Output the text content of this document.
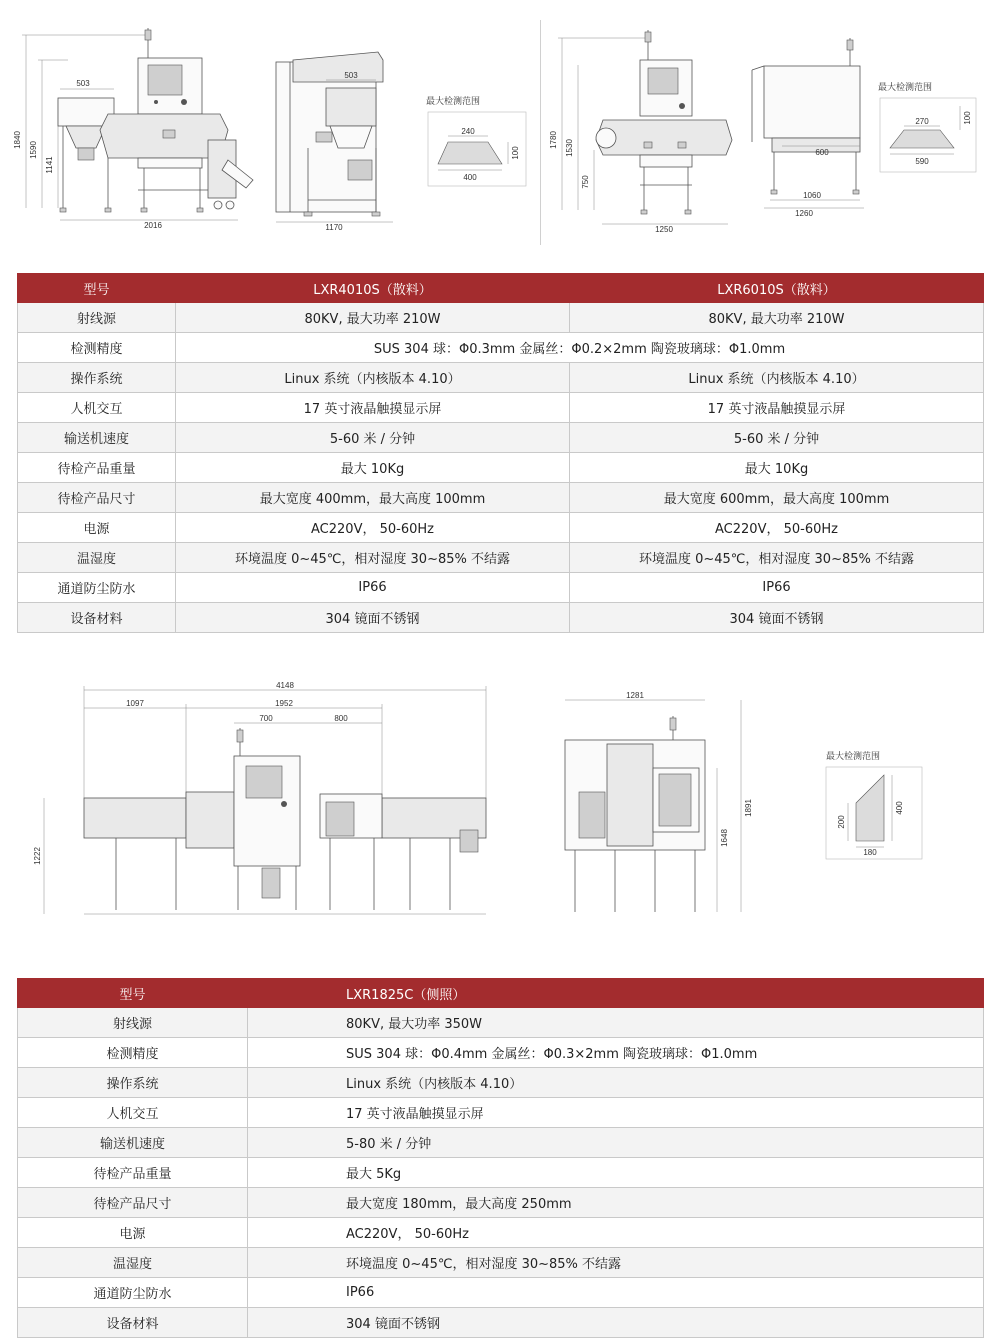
1840
1590
1141
503
2016
503
1170
最大检测范围
240
100
400
1780 1530
750
1250
600
1060
1260
最大检测范围
270	100
590
型号	LXR4010S（散料）	LXR6010S（散料）
射线源	80KV, 最大功率 210W	80KV, 最大功率 210W
检测精度	SUS 304 球：Φ0.3mm 金属丝：Φ0.2×2mm 陶瓷玻璃球：Φ1.0mm	
操作系统	Linux 系统（内核版本 4.10）	Linux 系统（内核版本 4.10）
人机交互	17 英寸液晶触摸显示屏	17 英寸液晶触摸显示屏
输送机速度	5-60 米 / 分钟	5-60 米 / 分钟
待检产品重量	最大 10Kg	最大 10Kg
待检产品尺寸	最大宽度 400mm，最大高度 100mm	最大宽度 600mm，最大高度 100mm
电源	AC220V， 50-60Hz	AC220V， 50-60Hz
温湿度	环境温度 0~45℃，相对湿度 30~85% 不结露	环境温度 0~45℃，相对湿度 30~85% 不结露
通道防尘防水	IP66	IP66
设备材料	304 镜面不锈钢	304 镜面不锈钢
4148
1097	1952
700	800
1222
1281
1648
1891
最大检测范围
200
400
180
型号	LXR1825C（侧照）
射线源	80KV, 最大功率 350W
检测精度	SUS 304 球：Φ0.4mm 金属丝：Φ0.3×2mm 陶瓷玻璃球：Φ1.0mm
操作系统	Linux 系统（内核版本 4.10）
人机交互	17 英寸液晶触摸显示屏
输送机速度	5-80 米 / 分钟
待检产品重量	最大 5Kg
待检产品尺寸	最大宽度 180mm，最大高度 250mm
电源	AC220V， 50-60Hz
温湿度	环境温度 0~45℃，相对湿度 30~85% 不结露
通道防尘防水	IP66
设备材料	304 镜面不锈钢
